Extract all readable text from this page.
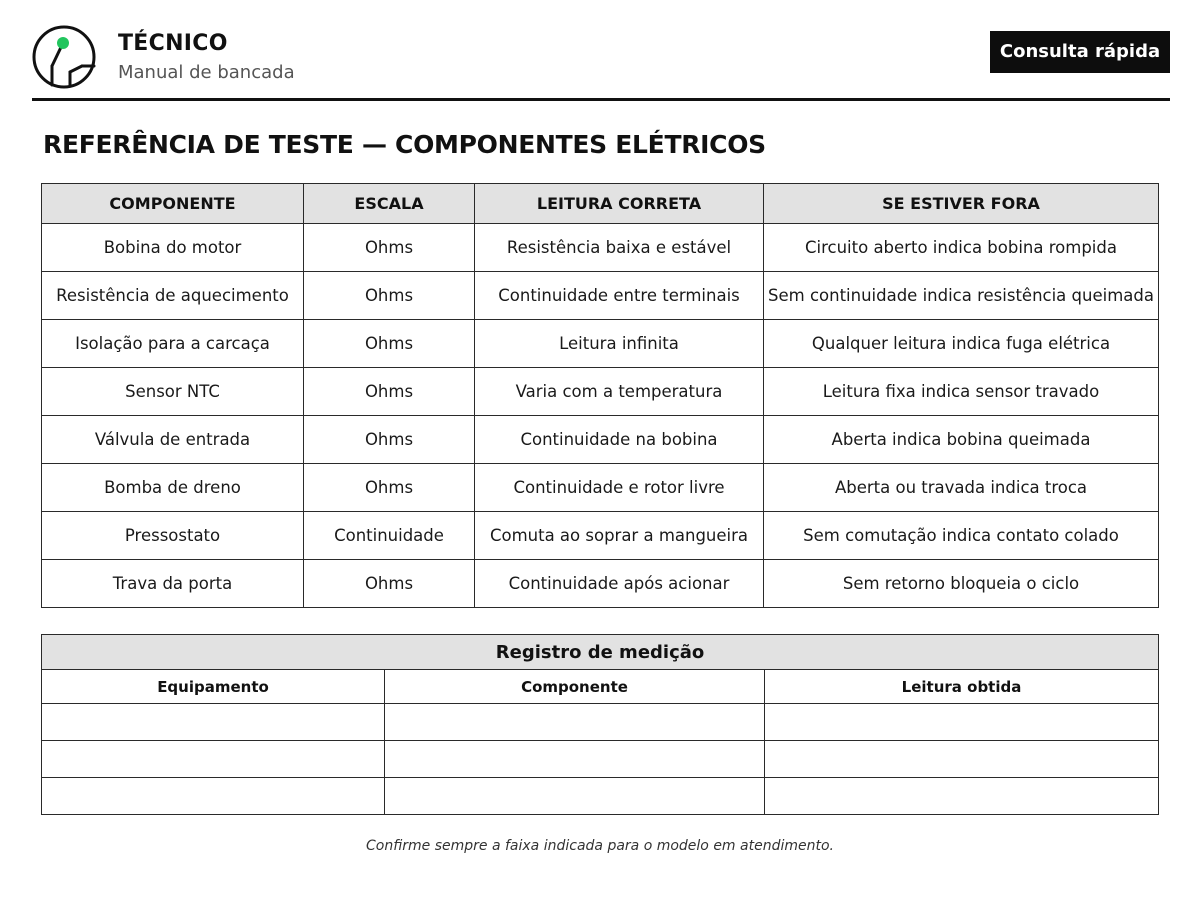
TÉCNICO
Manual de bancada
Consulta rápida
REFERÊNCIA DE TESTE — COMPONENTES ELÉTRICOS
COMPONENTE	ESCALA	LEITURA CORRETA	SE ESTIVER FORA
Bobina do motor	Ohms	Resistência baixa e estável	Circuito aberto indica bobina rompida
Resistência de aquecimento	Ohms	Continuidade entre terminais	Sem continuidade indica resistência queimada
Isolação para a carcaça	Ohms	Leitura infinita	Qualquer leitura indica fuga elétrica
Sensor NTC	Ohms	Varia com a temperatura	Leitura fixa indica sensor travado
Válvula de entrada	Ohms	Continuidade na bobina	Aberta indica bobina queimada
Bomba de dreno	Ohms	Continuidade e rotor livre	Aberta ou travada indica troca
Pressostato	Continuidade	Comuta ao soprar a mangueira	Sem comutação indica contato colado
Trava da porta	Ohms	Continuidade após acionar	Sem retorno bloqueia o ciclo
Registro de medição		
Equipamento	Componente	Leitura obtida

Confirme sempre a faixa indicada para o modelo em atendimento.
